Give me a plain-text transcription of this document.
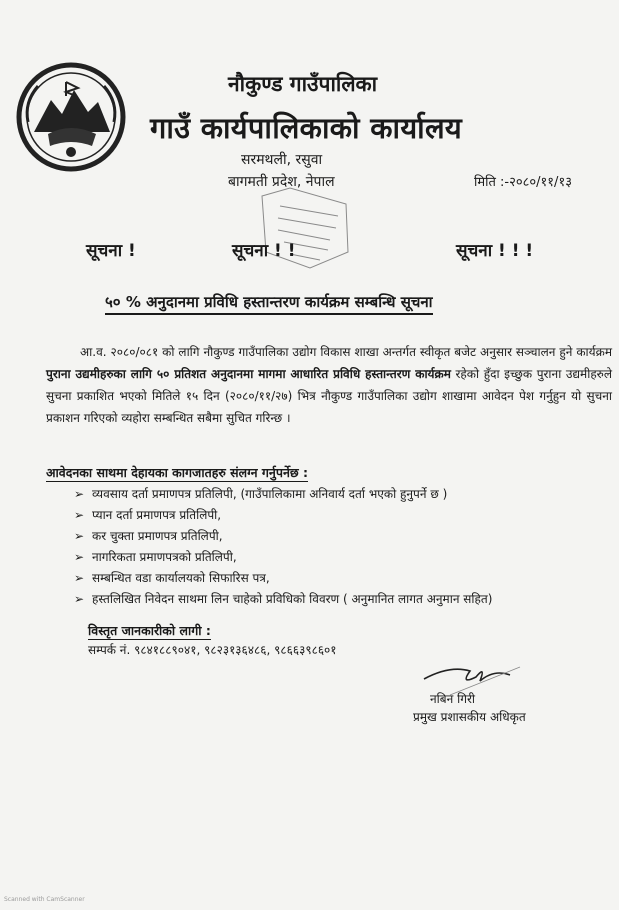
नौकुण्ड गाउँपालिका
गाउँ कार्यपालिकाको कार्यालय
सरमथली, रसुवा
बागमती प्रदेश, नेपाल	मिति :-२०८०/११/१३
सूचना !	सूचना ! !	सूचना ! ! !
५० % अनुदानमा प्रविधि हस्तान्तरण कार्यक्रम सम्बन्धि सूचना
आ.व. २०८०/०८१ को लागि नौकुण्ड गाउँपालिका उद्योग विकास शाखा अन्तर्गत स्वीकृत बजेट अनुसार सञ्चालन हुने कार्यक्रम पुराना उद्यमीहरुका लागि ५० प्रतिशत अनुदानमा मागमा आधारित प्रविधि हस्तान्तरण कार्यक्रम रहेको हुँदा इच्छुक पुराना उद्यमीहरुले सुचना प्रकाशित भएको मितिले १५ दिन (२०८०/११/२७) भित्र नौकुण्ड गाउँपालिका उद्योग शाखामा आवेदन पेश गर्नुहुन यो सुचना प्रकाशन गरिएको व्यहोरा सम्बन्धित सबैमा सुचित गरिन्छ ।
आवेदनका साथमा देहायका कागजातहरु संलग्न गर्नुपर्नेछ :
➢ व्यवसाय दर्ता प्रमाणपत्र प्रतिलिपी, (गाउँपालिकामा अनिवार्य दर्ता भएको हुनुपर्ने छ )
➢ प्यान दर्ता प्रमाणपत्र प्रतिलिपी,
➢ कर चुक्ता प्रमाणपत्र प्रतिलिपी,
➢ नागरिकता प्रमाणपत्रको प्रतिलिपी,
➢ सम्बन्धित वडा कार्यालयको सिफारिस पत्र,
➢ हस्तलिखित निवेदन साथमा लिन चाहेको प्रविधिको विवरण ( अनुमानित लागत अनुमान सहित)
विस्तृत जानकारीको लागी :
सम्पर्क नं. ९८४१८८९०४१, ९८२३१३६४८६, ९८६६३९८६०१
नबिन गिरी
प्रमुख प्रशासकीय अधिकृत
Scanned with CamScanner
